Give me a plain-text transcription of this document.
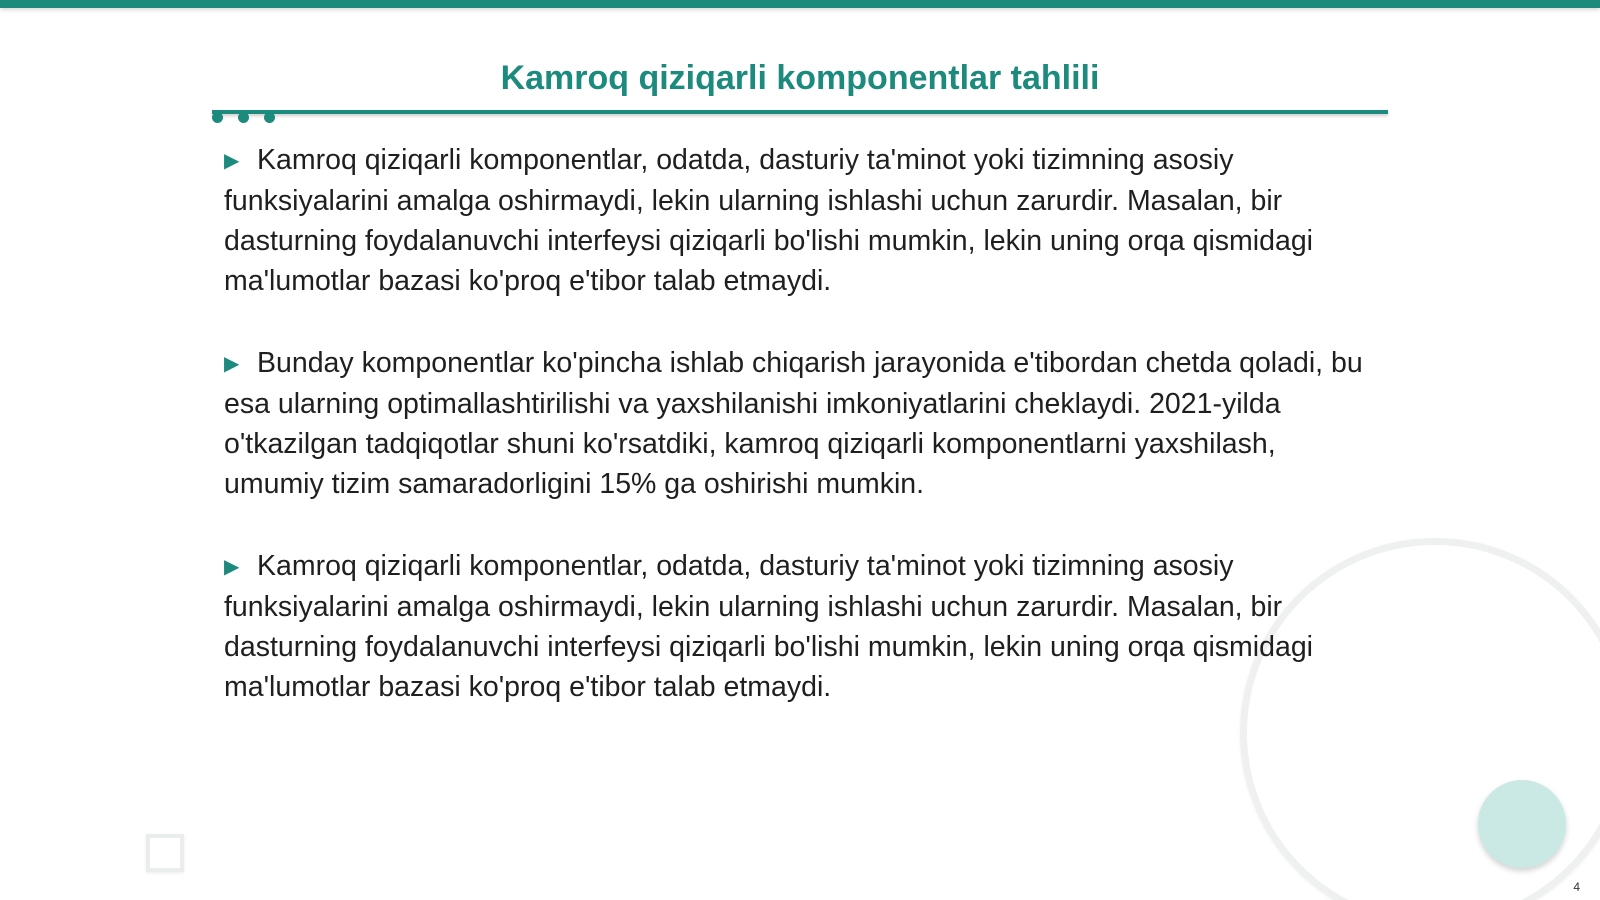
Kamroq qiziqarli komponentlar tahlili

▶ Kamroq qiziqarli komponentlar, odatda, dasturiy ta'minot yoki tizimning asosiy funksiyalarini amalga oshirmaydi, lekin ularning ishlashi uchun zarurdir. Masalan, bir dasturning foydalanuvchi interfeysi qiziqarli bo'lishi mumkin, lekin uning orqa qismidagi ma'lumotlar bazasi ko'proq e'tibor talab etmaydi.

▶ Bunday komponentlar ko'pincha ishlab chiqarish jarayonida e'tibordan chetda qoladi, bu esa ularning optimallashtirilishi va yaxshilanishi imkoniyatlarini cheklaydi. 2021-yilda o'tkazilgan tadqiqotlar shuni ko'rsatdiki, kamroq qiziqarli komponentlarni yaxshilash, umumiy tizim samaradorligini 15% ga oshirishi mumkin.

▶ Kamroq qiziqarli komponentlar, odatda, dasturiy ta'minot yoki tizimning asosiy funksiyalarini amalga oshirmaydi, lekin ularning ishlashi uchun zarurdir. Masalan, bir dasturning foydalanuvchi interfeysi qiziqarli bo'lishi mumkin, lekin uning orqa qismidagi ma'lumotlar bazasi ko'proq e'tibor talab etmaydi.

4
